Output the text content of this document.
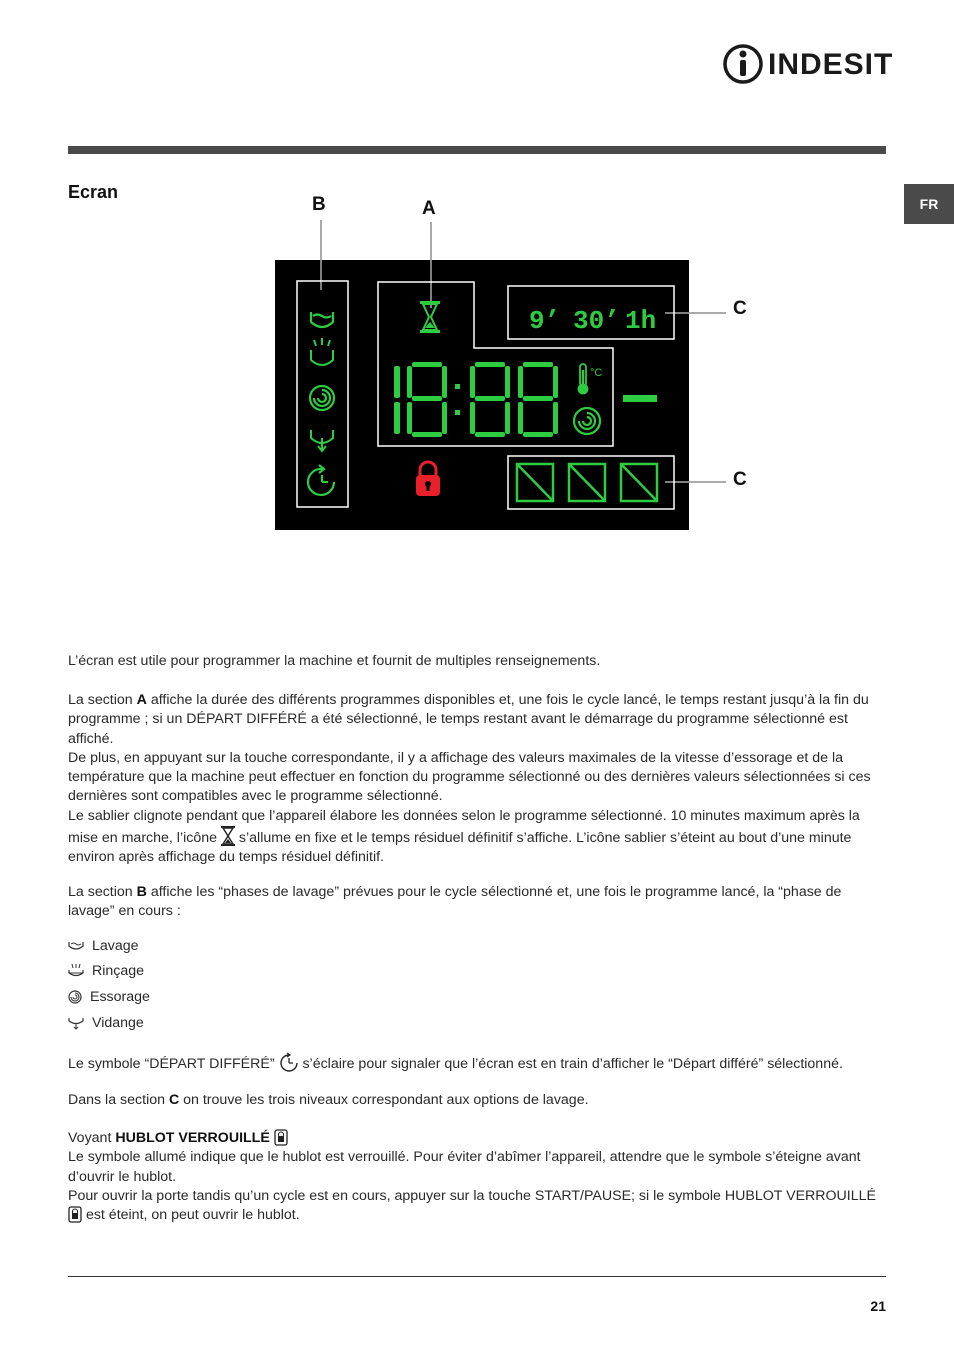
INDESIT
FR
Ecran
B	A
C
C
°C
9’ 30’ 1h

L’écran est utile pour programmer la machine et fournit de multiples renseignements.

La section A affiche la durée des différents programmes disponibles et, une fois le cycle lancé, le temps restant jusqu’à la fin du programme ; si un DÉPART DIFFÉRÉ a été sélectionné, le temps restant avant le démarrage du programme sélectionné est affiché.

De plus, en appuyant sur la touche correspondante, il y a affichage des valeurs maximales de la vitesse d’essorage et de la température que la machine peut effectuer en fonction du programme sélectionné ou des dernières valeurs sélectionnées si ces dernières sont compatibles avec le programme sélectionné.

Le sablier clignote pendant que l’appareil élabore les données selon le programme sélectionné. 10 minutes maximum après la mise en marche, l’icône  s’allume en fixe et le temps résiduel définitif s’affiche. L’icône sablier s’éteint au bout d’une minute environ après affichage du temps résiduel définitif.

La section B affiche les “phases de lavage” prévues pour le cycle sélectionné et, une fois le programme lancé, la “phase de lavage” en cours :

Lavage
Rinçage
Essorage
Vidange

Le symbole “DÉPART DIFFÉRÉ”  s’éclaire pour signaler que l’écran est en train d’afficher le “Départ différé” sélectionné.

Dans la section C on trouve les trois niveaux correspondant aux options de lavage.

Voyant HUBLOT VERROUILLÉ

Le symbole allumé indique que le hublot est verrouillé. Pour éviter d’abîmer l’appareil, attendre que le symbole s’éteigne avant d’ouvrir le hublot.

Pour ouvrir la porte tandis qu’un cycle est en cours, appuyer sur la touche START/PAUSE; si le symbole HUBLOT VERROUILLÉ  est éteint, on peut ouvrir le hublot.

21
